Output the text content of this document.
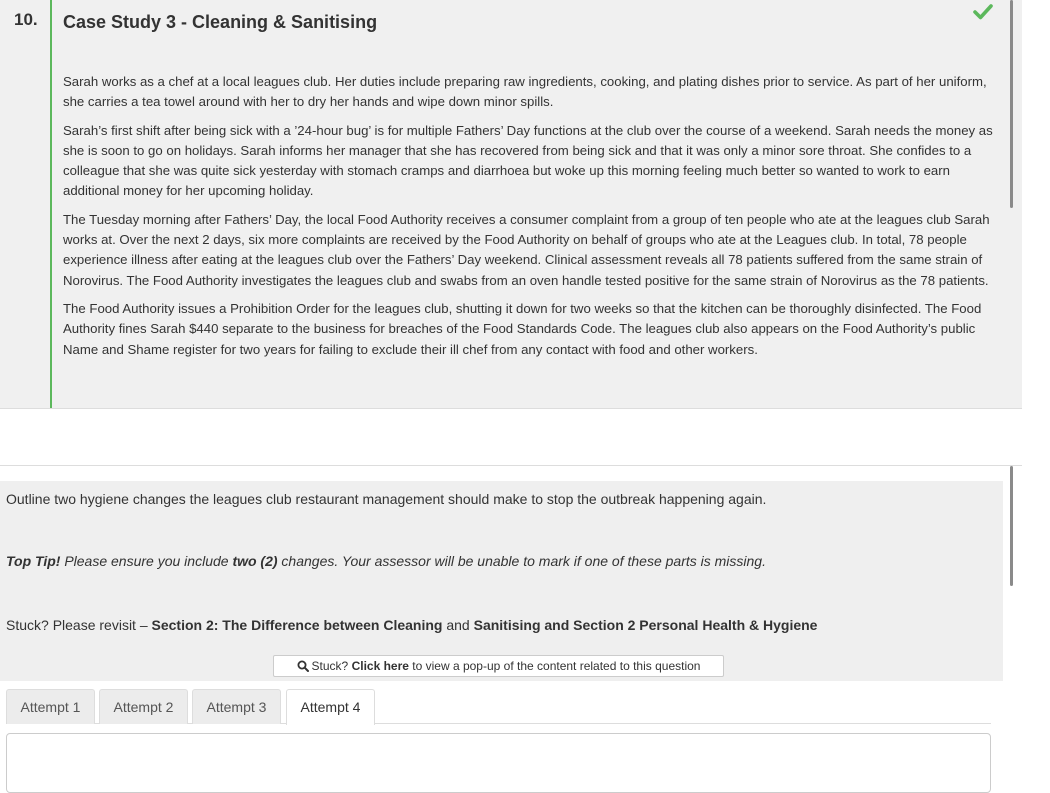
10.	Case Study 3 - Cleaning & Sanitising

Sarah works as a chef at a local leagues club. Her duties include preparing raw ingredients, cooking, and plating dishes prior to service. As part of her uniform, she carries a tea towel around with her to dry her hands and wipe down minor spills.

Sarah’s first shift after being sick with a ’24-hour bug’ is for multiple Fathers’ Day functions at the club over the course of a weekend. Sarah needs the money as she is soon to go on holidays. Sarah informs her manager that she has recovered from being sick and that it was only a minor sore throat. She confides to a colleague that she was quite sick yesterday with stomach cramps and diarrhoea but woke up this morning feeling much better so wanted to work to earn additional money for her upcoming holiday.

The Tuesday morning after Fathers’ Day, the local Food Authority receives a consumer complaint from a group of ten people who ate at the leagues club Sarah works at. Over the next 2 days, six more complaints are received by the Food Authority on behalf of groups who ate at the Leagues club. In total, 78 people experience illness after eating at the leagues club over the Fathers’ Day weekend. Clinical assessment reveals all 78 patients suffered from the same strain of Norovirus. The Food Authority investigates the leagues club and swabs from an oven handle tested positive for the same strain of Norovirus as the 78 patients.

The Food Authority issues a Prohibition Order for the leagues club, shutting it down for two weeks so that the kitchen can be thoroughly disinfected. The Food Authority fines Sarah $440 separate to the business for breaches of the Food Standards Code. The leagues club also appears on the Food Authority’s public Name and Shame register for two years for failing to exclude their ill chef from any contact with food and other workers.

Outline two hygiene changes the leagues club restaurant management should make to stop the outbreak happening again.
Top Tip! Please ensure you include two (2) changes. Your assessor will be unable to mark if one of these parts is missing.
Stuck? Please revisit – Section 2: The Difference between Cleaning and Sanitising and Section 2 Personal Health & Hygiene
Stuck? Click here to view a pop-up of the content related to this question
Attempt 1	Attempt 2	Attempt 3	Attempt 4
